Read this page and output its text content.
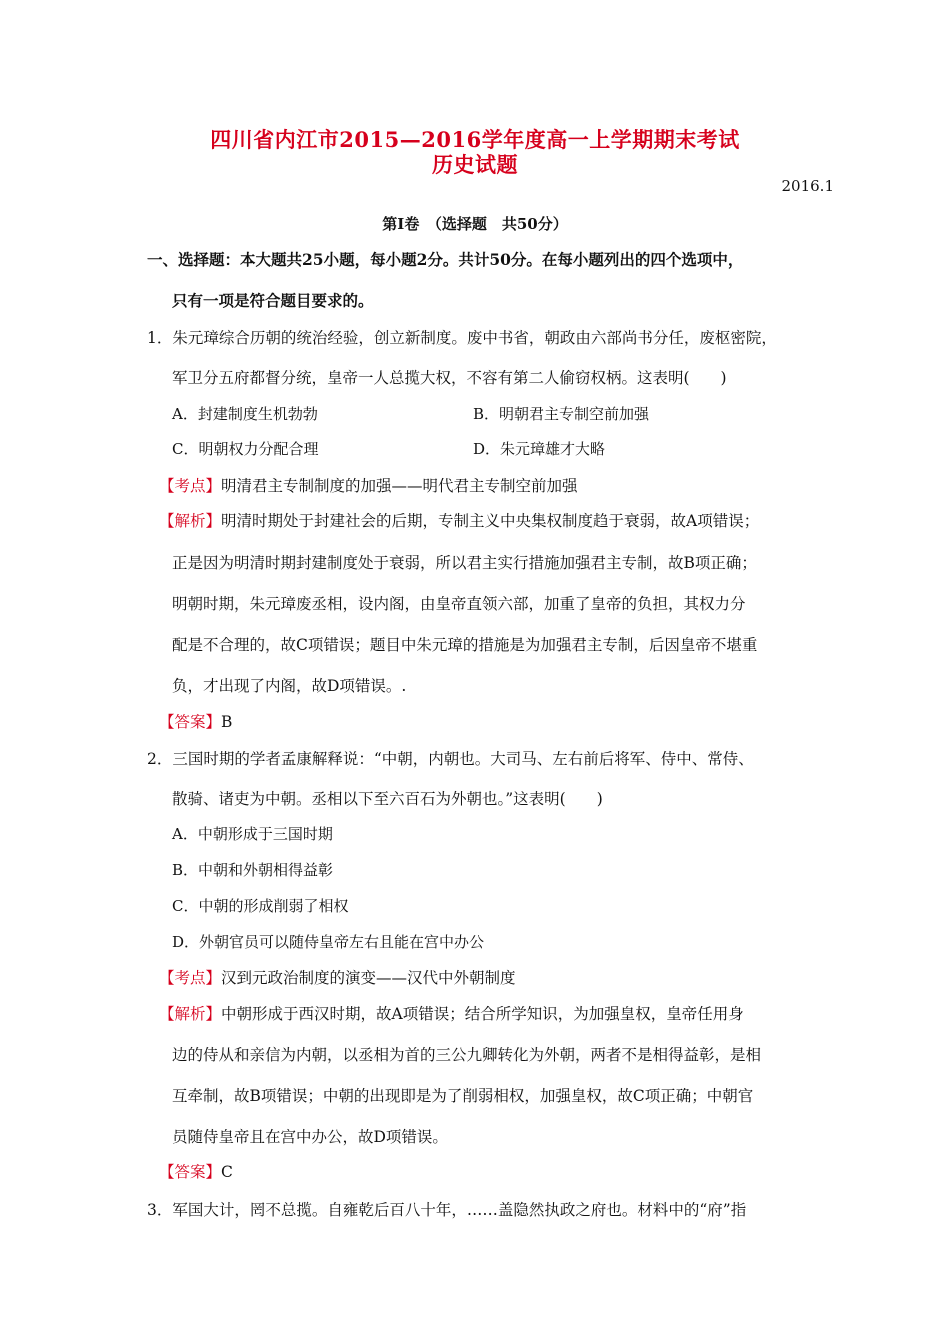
四川省内江市2015—2016学年度高一上学期期末考试
历史试题
2016.1
第Ⅰ卷　（选择题　共50分）
一、选择题：本大题共25小题，每小题2分。共计50分。在每小题列出的四个选项中，
只有一项是符合题目要求的。
1．朱元璋综合历朝的统治经验，创立新制度。废中书省，朝政由六部尚书分任，废枢密院，
军卫分五府都督分统，皇帝一人总揽大权，不容有第二人偷窃权柄。这表明(　　)
A．封建制度生机勃勃	B．明朝君主专制空前加强
C．明朝权力分配合理	D．朱元璋雄才大略
【考点】明清君主专制制度的加强——明代君主专制空前加强
【解析】明清时期处于封建社会的后期，专制主义中央集权制度趋于衰弱，故A项错误；
正是因为明清时期封建制度处于衰弱，所以君主实行措施加强君主专制，故B项正确；
明朝时期，朱元璋废丞相，设内阁，由皇帝直领六部，加重了皇帝的负担，其权力分
配是不合理的，故C项错误；题目中朱元璋的措施是为加强君主专制，后因皇帝不堪重
负，才出现了内阁，故D项错误。.
【答案】B
2．三国时期的学者孟康解释说：“中朝，内朝也。大司马、左右前后将军、侍中、常侍、
散骑、诸吏为中朝。丞相以下至六百石为外朝也。”这表明(　　)
A．中朝形成于三国时期
B．中朝和外朝相得益彰
C．中朝的形成削弱了相权
D．外朝官员可以随侍皇帝左右且能在宫中办公
【考点】汉到元政治制度的演变——汉代中外朝制度
【解析】中朝形成于西汉时期，故A项错误；结合所学知识，为加强皇权，皇帝任用身
边的侍从和亲信为内朝，以丞相为首的三公九卿转化为外朝，两者不是相得益彰，是相
互牵制，故B项错误；中朝的出现即是为了削弱相权，加强皇权，故C项正确；中朝官
员随侍皇帝且在宫中办公，故D项错误。
【答案】C
3．军国大计，罔不总揽。自雍乾后百八十年，……盖隐然执政之府也。材料中的“府”指
